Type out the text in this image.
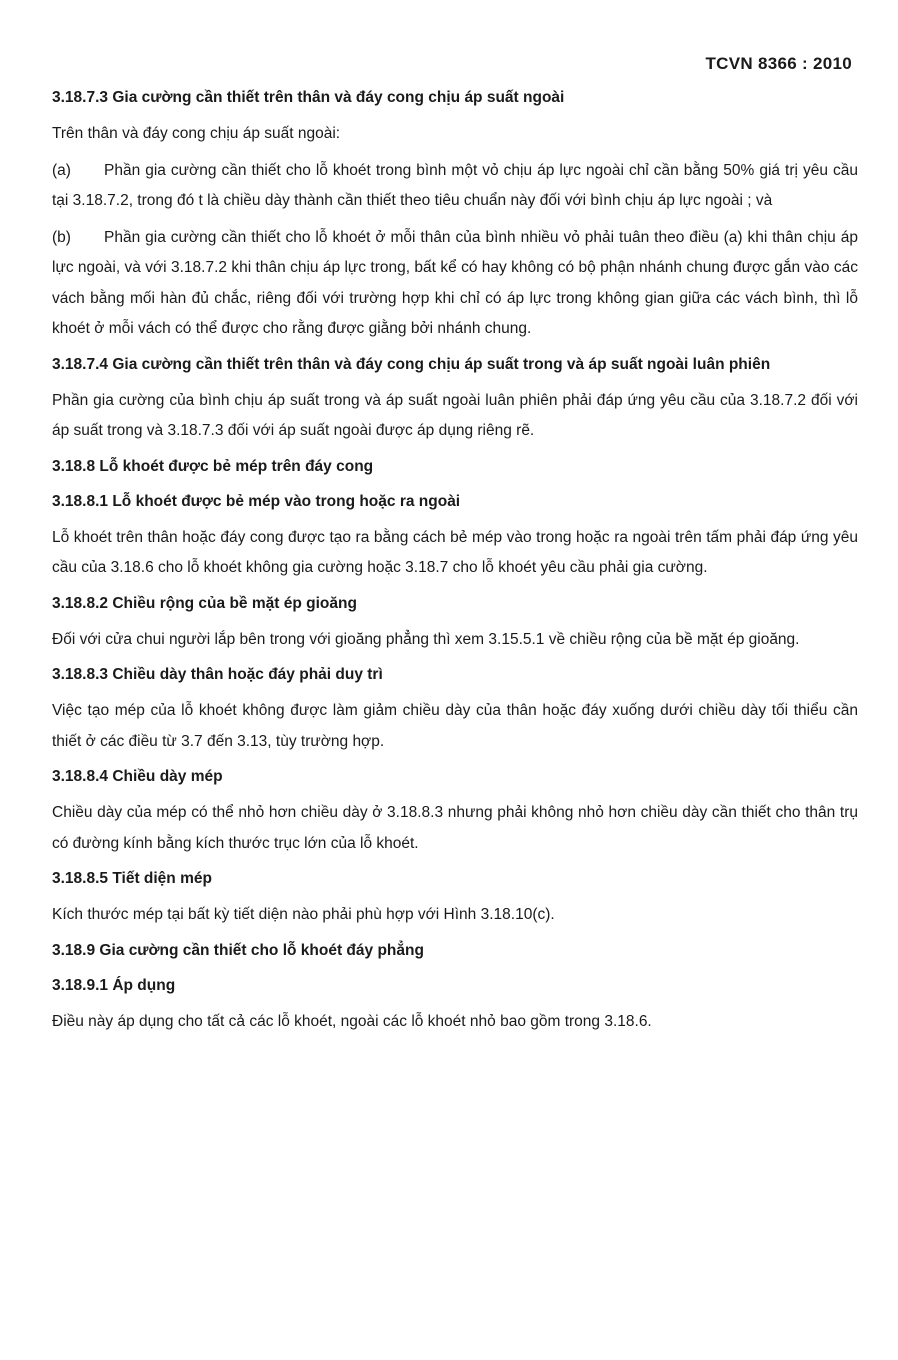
TCVN 8366 : 2010
3.18.7.3 Gia cường cần thiết trên thân và đáy cong chịu áp suất ngoài
Trên thân và đáy cong chịu áp suất ngoài:
(a) Phần gia cường cần thiết cho lỗ khoét trong bình một vỏ chịu áp lực ngoài chỉ cần bằng 50% giá trị yêu cầu tại 3.18.7.2, trong đó t là chiều dày thành cần thiết theo tiêu chuẩn này đối với bình chịu áp lực ngoài ; và
(b) Phần gia cường cần thiết cho lỗ khoét ở mỗi thân của bình nhiều vỏ phải tuân theo điều (a) khi thân chịu áp lực ngoài, và với 3.18.7.2 khi thân chịu áp lực trong, bất kể có hay không có bộ phận nhánh chung được gắn vào các vách bằng mối hàn đủ chắc, riêng đối với trường hợp khi chỉ có áp lực trong không gian giữa các vách bình, thì lỗ khoét ở mỗi vách có thể được cho rằng được giằng bởi nhánh chung.
3.18.7.4 Gia cường cần thiết trên thân và đáy cong chịu áp suất trong và áp suất ngoài luân phiên
Phần gia cường của bình chịu áp suất trong và áp suất ngoài luân phiên phải đáp ứng yêu cầu của 3.18.7.2 đối với áp suất trong và 3.18.7.3 đối với áp suất ngoài được áp dụng riêng rẽ.
3.18.8 Lỗ khoét được bẻ mép trên đáy cong
3.18.8.1 Lỗ khoét được bẻ mép vào trong hoặc ra ngoài
Lỗ khoét trên thân hoặc đáy cong được tạo ra bằng cách bẻ mép vào trong hoặc ra ngoài trên tấm phải đáp ứng yêu cầu của 3.18.6 cho lỗ khoét không gia cường hoặc 3.18.7 cho lỗ khoét yêu cầu phải gia cường.
3.18.8.2 Chiều rộng của bề mặt ép gioăng
Đối với cửa chui người lắp bên trong với gioăng phẳng thì xem 3.15.5.1 về chiều rộng của bề mặt ép gioăng.
3.18.8.3 Chiều dày thân hoặc đáy phải duy trì
Việc tạo mép của lỗ khoét không được làm giảm chiều dày của thân hoặc đáy xuống dưới chiều dày tối thiểu cần thiết ở các điều từ 3.7 đến 3.13, tùy trường hợp.
3.18.8.4 Chiều dày mép
Chiều dày của mép có thể nhỏ hơn chiều dày ở 3.18.8.3 nhưng phải không nhỏ hơn chiều dày cần thiết cho thân trụ có đường kính bằng kích thước trục lớn của lỗ khoét.
3.18.8.5 Tiết diện mép
Kích thước mép tại bất kỳ tiết diện nào phải phù hợp với Hình 3.18.10(c).
3.18.9 Gia cường cần thiết cho lỗ khoét đáy phẳng
3.18.9.1 Áp dụng
Điều này áp dụng cho tất cả các lỗ khoét, ngoài các lỗ khoét nhỏ bao gồm trong 3.18.6.
